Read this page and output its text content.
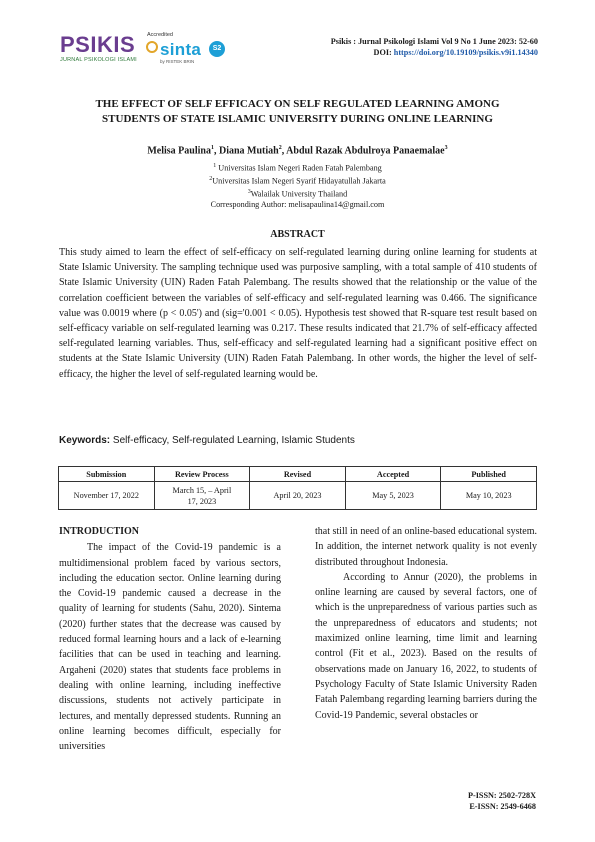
PSIKIS
JURNAL PSIKOLOGI ISLAMI
Accredited
sinta	S2
by RISTEK BRIN
Psikis : Jurnal Psikologi Islami Vol 9 No 1 June 2023: 52-60
DOI: https://doi.org/10.19109/psikis.v9i1.14340
THE EFFECT OF SELF EFFICACY ON SELF REGULATED LEARNING AMONG
STUDENTS OF STATE ISLAMIC UNIVERSITY DURING ONLINE LEARNING
Melisa Paulina$^1$, Diana Mutiah$^2$, Abdul Razak Abdulroya Panaemalae$^3$
$^1$ Universitas Islam Negeri Raden Fatah Palembang
$^2$Universitas Islam Negeri Syarif Hidayatullah Jakarta
$^3$Walailak University Thailand
Corresponding Author: melisapaulina14@gmail.com
ABSTRACT
This study aimed to learn the effect of self-efficacy on self-regulated learning during online learning for students at State Islamic University. The sampling technique used was purposive sampling, with a total sample of 410 students of State Islamic University (UIN) Raden Fatah Palembang. The results showed that the relationship or the value of the correlation coefficient between the variables of self-efficacy and self-regulated learning was 0.466. The significance value was 0.0019 where (p < 0.05') and (sig='0.001 < 0.05). Hypothesis test showed that R-square test result based on self-efficacy variable on self-regulated learning was 0.217. These results indicated that 21.7% of self-efficacy affected self-regulated learning variables. Thus, self-efficacy and self-regulated learning had a significant positive effect on students at the State Islamic University (UIN) Raden Fatah Palembang. In other words, the higher the level of self-efficacy, the higher the level of self-regulated learning would be.
Keywords: Self-efficacy, Self-regulated Learning, Islamic Students
Submission	Review Process	Revised	Accepted	Published
November 17, 2022	March 15, – April 17, 2023	April 20, 2023	May 5, 2023	May 10, 2023

INTRODUCTION

The impact of the Covid-19 pandemic is a multidimensional problem faced by various sectors, including the education sector. Online learning during the Covid-19 pandemic caused a decrease in the quality of learning for students (Sahu, 2020). Sintema (2020) further states that the decrease was caused by reduced formal learning hours and a lack of e-learning facilities that can be used in teaching and learning. Argaheni (2020) states that students face problems in dealing with online learning, including ineffective discussions, students not actively participate in lectures, and mentally depressed students. Running an online learning becomes difficult, especially for universities

that still in need of an online-based educational system. In addition, the internet network quality is not evenly distributed throughout Indonesia.

According to Annur (2020), the problems in online learning are caused by several factors, one of which is the unpreparedness of various parties such as the unpreparedness of educators and students; not maximized online learning, time limit and learning control (Fit et al., 2023). Based on the results of observations made on January 16, 2022, to students of Psychology Faculty of State Islamic University Raden Fatah Palembang regarding learning barriers during the Covid-19 Pandemic, several obstacles or

P-ISSN: 2502-728X
E-ISSN: 2549-6468
